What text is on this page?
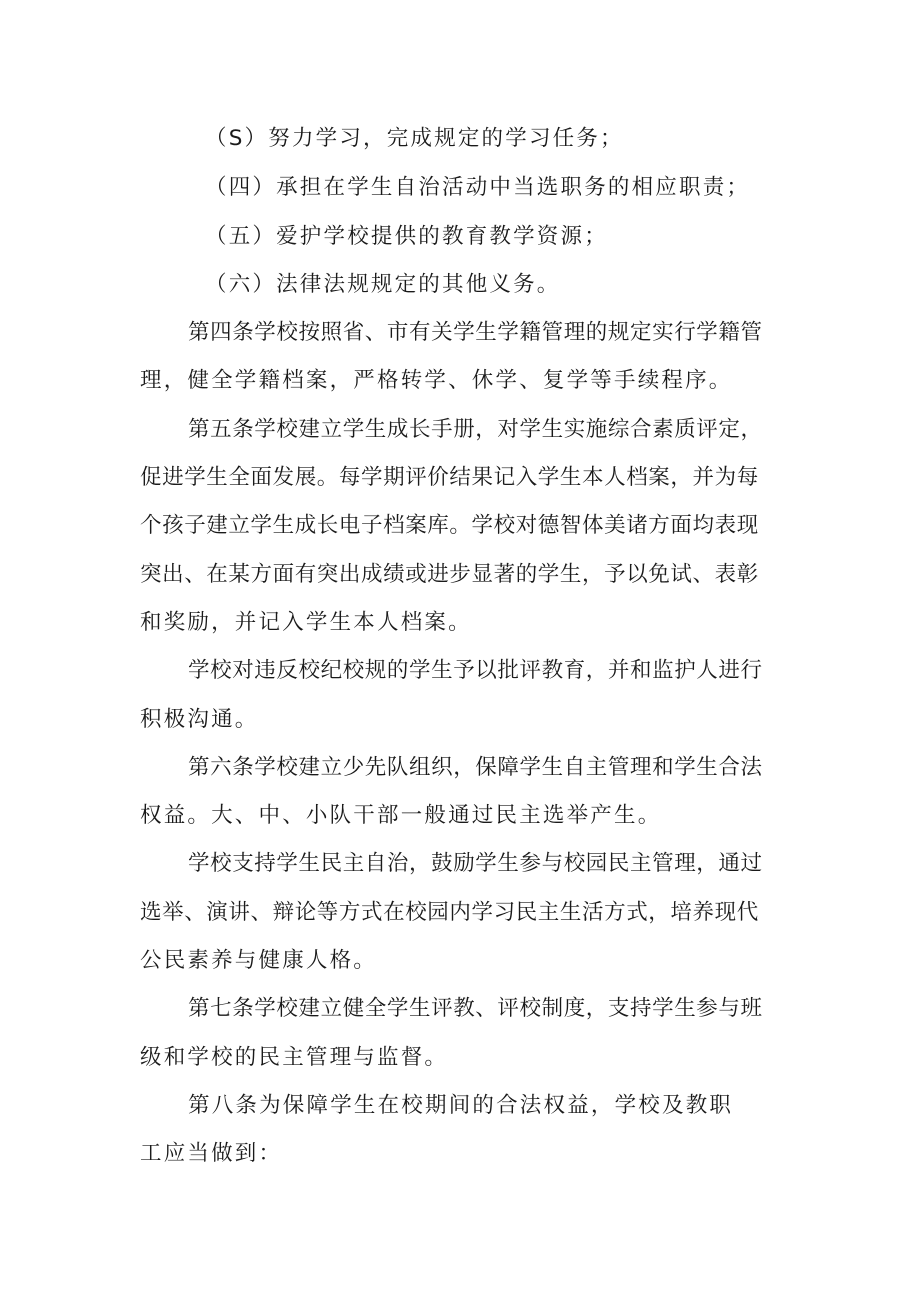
（S）努力学习，完成规定的学习任务；
（四）承担在学生自治活动中当选职务的相应职责；
（五）爱护学校提供的教育教学资源；
（六）法律法规规定的其他义务。
第四条学校按照省、市有关学生学籍管理的规定实行学籍管
理，健全学籍档案，严格转学、休学、复学等手续程序。
第五条学校建立学生成长手册，对学生实施综合素质评定，
促进学生全面发展。每学期评价结果记入学生本人档案，并为每
个孩子建立学生成长电子档案库。学校对德智体美诸方面均表现
突出、在某方面有突出成绩或进步显著的学生，予以免试、表彰
和奖励，并记入学生本人档案。
学校对违反校纪校规的学生予以批评教育，并和监护人进行
积极沟通。
第六条学校建立少先队组织，保障学生自主管理和学生合法
权益。大、中、小队干部一般通过民主选举产生。
学校支持学生民主自治，鼓励学生参与校园民主管理，通过
选举、演讲、辩论等方式在校园内学习民主生活方式，培养现代
公民素养与健康人格。
第七条学校建立健全学生评教、评校制度，支持学生参与班
级和学校的民主管理与监督。
第八条为保障学生在校期间的合法权益，学校及教职
工应当做到：
